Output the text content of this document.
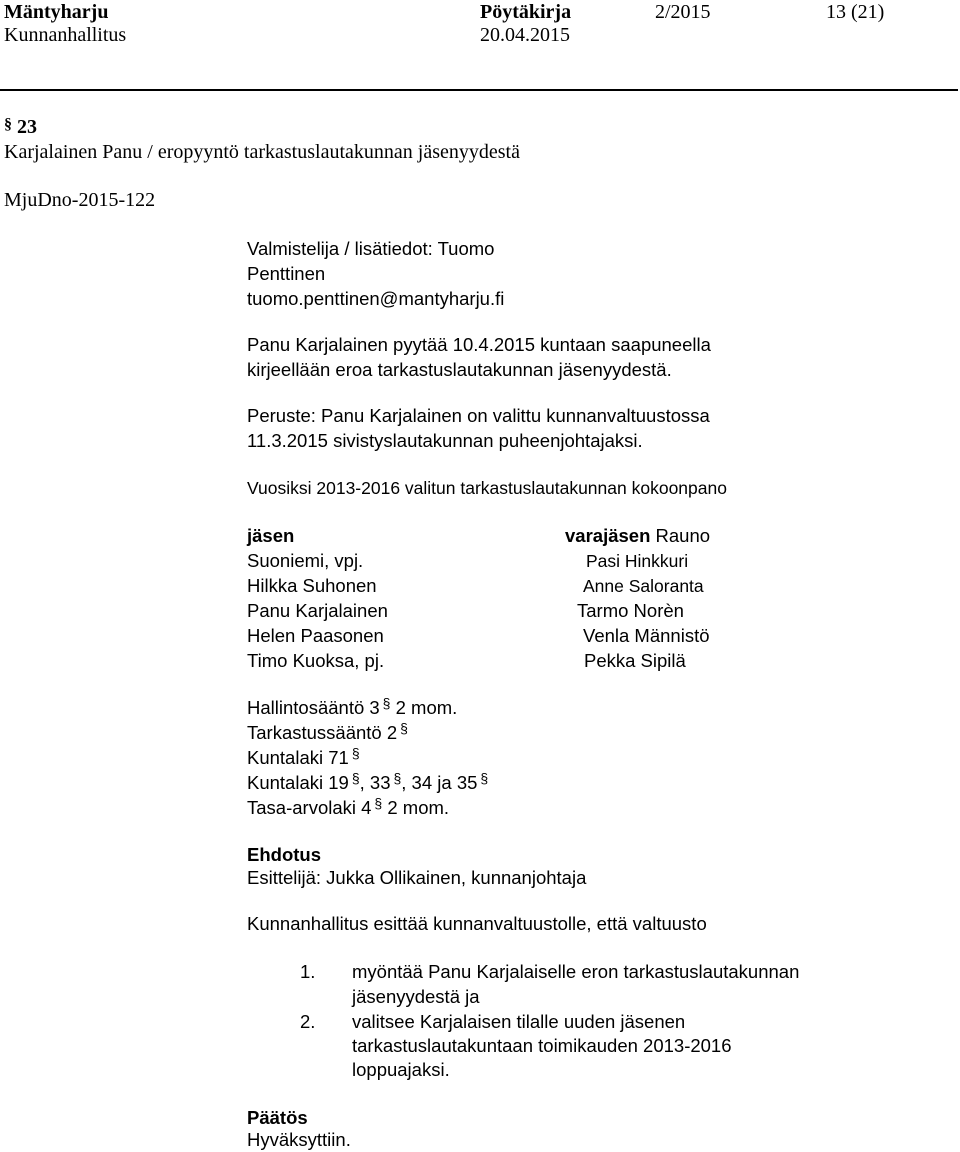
Mäntyharju
Kunnanhallitus
Pöytäkirja
20.04.2015
2/2015	13 (21)
§ 23
Karjalainen Panu / eropyyntö tarkastuslautakunnan jäsenyydestä
MjuDno-2015-122
Valmistelija / lisätiedot: Tuomo
Penttinen
tuomo.penttinen@mantyharju.fi
Panu Karjalainen pyytää 10.4.2015 kuntaan saapuneella
kirjeellään eroa tarkastuslautakunnan jäsenyydestä.
Peruste: Panu Karjalainen on valittu kunnanvaltuustossa
11.3.2015 sivistyslautakunnan puheenjohtajaksi.
Vuosiksi 2013-2016 valitun tarkastuslautakunnan kokoonpano
jäsen	varajäsen Rauno
Suoniemi, vpj.
Hilkka Suhonen
Panu Karjalainen
Helen Paasonen
Timo Kuoksa, pj.
Pasi Hinkkuri
Anne Saloranta
Tarmo Norèn
Venla Männistö
Pekka Sipilä
Hallintosääntö 3 § 2 mom.
Tarkastussääntö 2 §
Kuntalaki 71 §
Kuntalaki 19 §, 33 §, 34 ja 35 §
Tasa-arvolaki 4 § 2 mom.
Ehdotus
Esittelijä: Jukka Ollikainen, kunnanjohtaja
Kunnanhallitus esittää kunnanvaltuustolle, että valtuusto
1. myöntää Panu Karjalaiselle eron tarkastuslautakunnan
jäsenyydestä ja
2. valitsee Karjalaisen tilalle uuden jäsenen
tarkastuslautakuntaan toimikauden 2013-2016
loppuajaksi.
Päätös
Hyväksyttiin.
